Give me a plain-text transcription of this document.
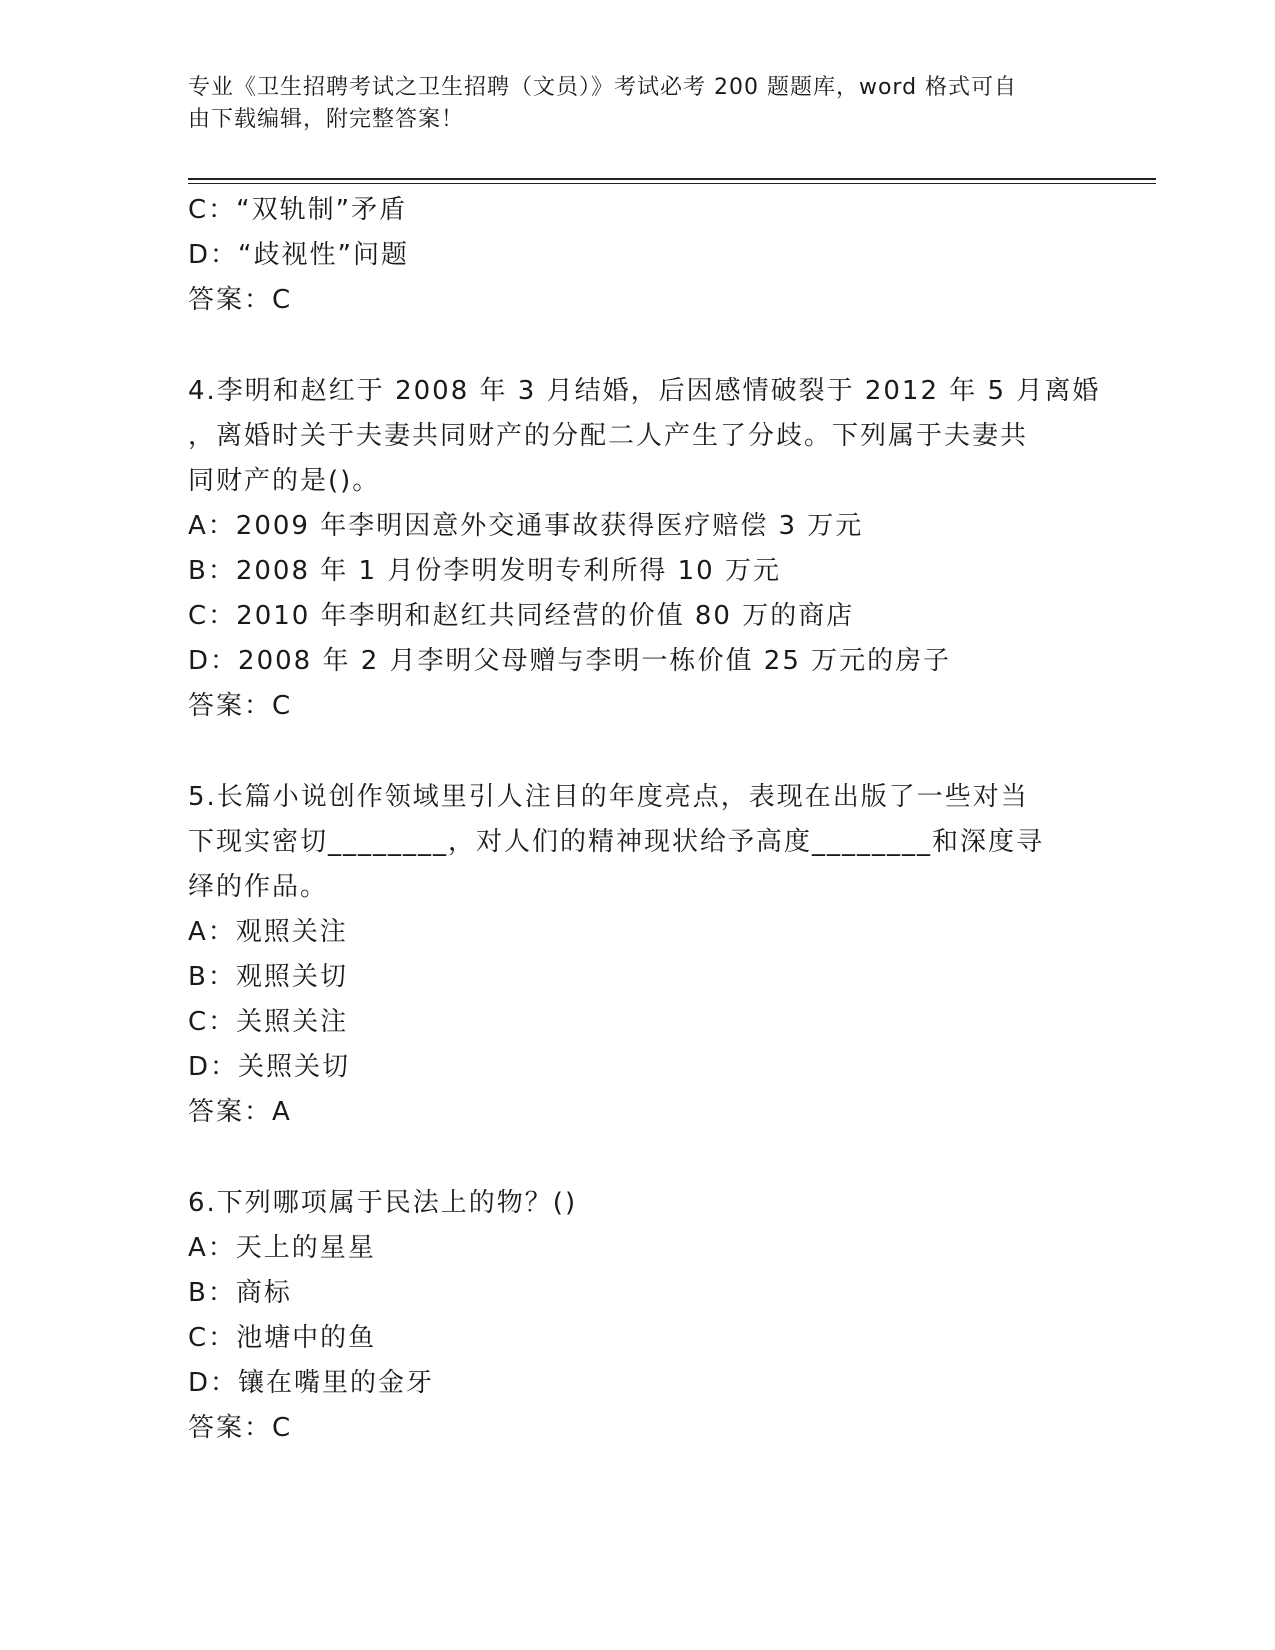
专业《卫生招聘考试之卫生招聘（文员）》考试必考 200 题题库，word 格式可自
由下载编辑，附完整答案！
C：“双轨制”矛盾
D：“歧视性”问题
答案：C
4.李明和赵红于 2008 年 3 月结婚，后因感情破裂于 2012 年 5 月离婚
，离婚时关于夫妻共同财产的分配二人产生了分歧。下列属于夫妻共
同财产的是()。
A：2009 年李明因意外交通事故获得医疗赔偿 3 万元
B：2008 年 1 月份李明发明专利所得 10 万元
C：2010 年李明和赵红共同经营的价值 80 万的商店
D：2008 年 2 月李明父母赠与李明一栋价值 25 万元的房子
答案：C
5.长篇小说创作领域里引人注目的年度亮点，表现在出版了一些对当
下现实密切________，对人们的精神现状给予高度________和深度寻
绎的作品。
A：观照关注
B：观照关切
C：关照关注
D：关照关切
答案：A
6.下列哪项属于民法上的物？()
A：天上的星星
B：商标
C：池塘中的鱼
D：镶在嘴里的金牙
答案：C
